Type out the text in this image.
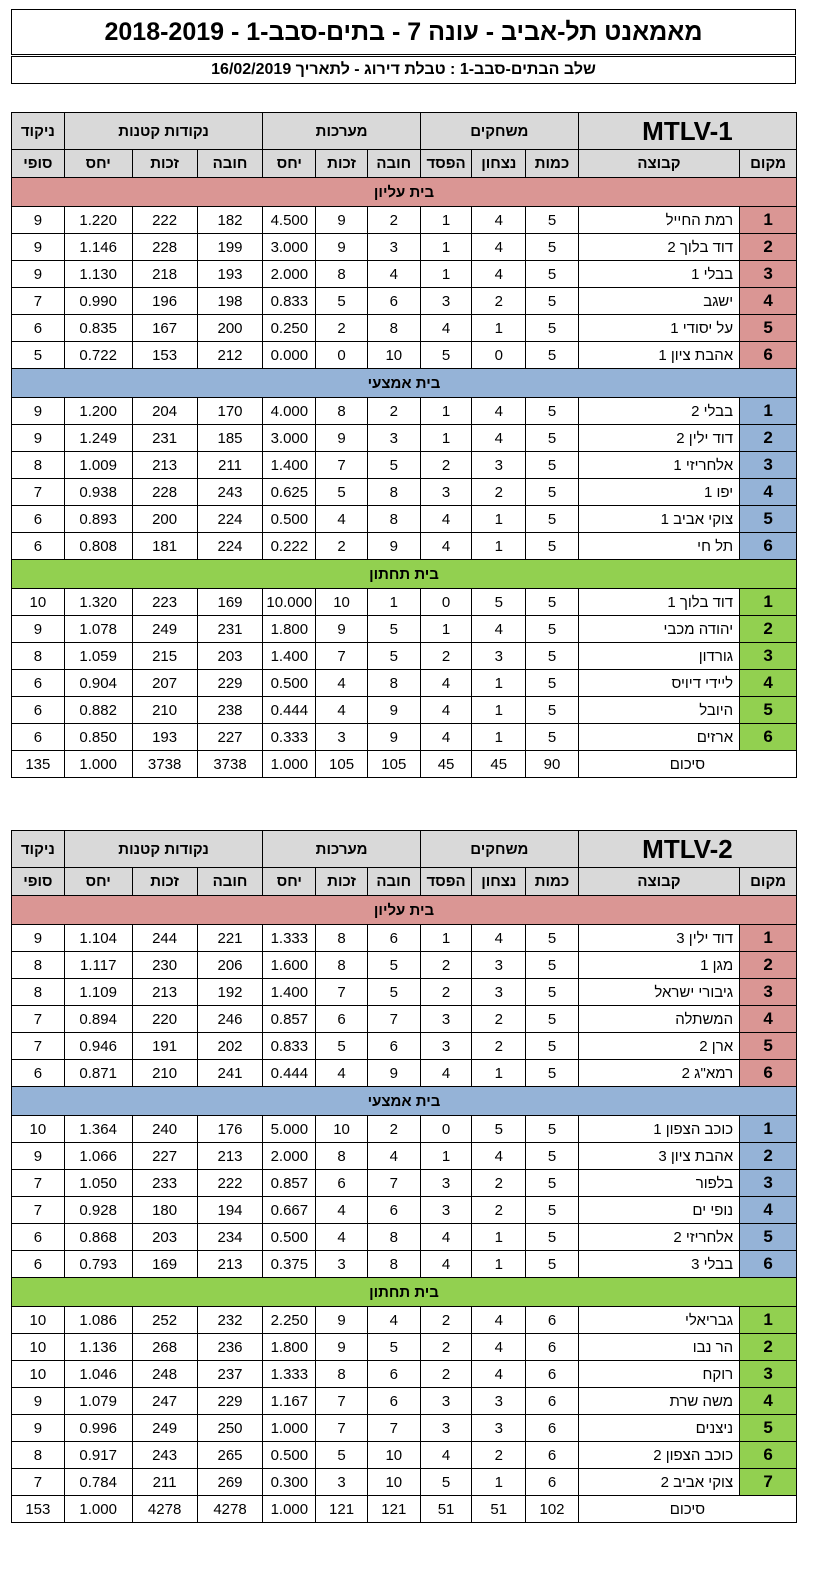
מאמאנט תל-אביב - עונה 7 - בתים-סבב-1 - 2018-2019
שלב הבתים-סבב-1 : טבלת דירוג - לתאריך 16/02/2019
ניקוד	נקודות קטנות			מערכות			משחקים			MTLV-1	
סופי	יחס	זכות	חובה	יחס	זכות	חובה	הפסד	נצחון	כמות	קבוצה	מקום
בית עליון											
9	1.220	222	182	4.500	9	2	1	4	5	רמת החייל	1
9	1.146	228	199	3.000	9	3	1	4	5	דוד בלוך 2	2
9	1.130	218	193	2.000	8	4	1	4	5	בבלי 1	3
7	0.990	196	198	0.833	5	6	3	2	5	ישגב	4
6	0.835	167	200	0.250	2	8	4	1	5	על יסודי 1	5
5	0.722	153	212	0.000	0	10	5	0	5	אהבת ציון 1	6
בית אמצעי											
9	1.200	204	170	4.000	8	2	1	4	5	בבלי 2	1
9	1.249	231	185	3.000	9	3	1	4	5	דוד ילין 2	2
8	1.009	213	211	1.400	7	5	2	3	5	אלחריזי 1	3
7	0.938	228	243	0.625	5	8	3	2	5	יפו 1	4
6	0.893	200	224	0.500	4	8	4	1	5	צוקי אביב 1	5
6	0.808	181	224	0.222	2	9	4	1	5	תל חי	6
בית תחתון											
10	1.320	223	169	10.000	10	1	0	5	5	דוד בלוך 1	1
9	1.078	249	231	1.800	9	5	1	4	5	יהודה מכבי	2
8	1.059	215	203	1.400	7	5	2	3	5	גורדון	3
6	0.904	207	229	0.500	4	8	4	1	5	ליידי דיויס	4
6	0.882	210	238	0.444	4	9	4	1	5	היובל	5
6	0.850	193	227	0.333	3	9	4	1	5	ארזים	6
135	1.000	3738	3738	1.000	105	105	45	45	90	סיכום	
ניקוד	נקודות קטנות			מערכות			משחקים			MTLV-2	
סופי	יחס	זכות	חובה	יחס	זכות	חובה	הפסד	נצחון	כמות	קבוצה	מקום
בית עליון											
9	1.104	244	221	1.333	8	6	1	4	5	דוד ילין 3	1
8	1.117	230	206	1.600	8	5	2	3	5	מגן 1	2
8	1.109	213	192	1.400	7	5	2	3	5	גיבורי ישראל	3
7	0.894	220	246	0.857	6	7	3	2	5	המשתלה	4
7	0.946	191	202	0.833	5	6	3	2	5	ארן 2	5
6	0.871	210	241	0.444	4	9	4	1	5	רמא"ג 2	6
בית אמצעי											
10	1.364	240	176	5.000	10	2	0	5	5	כוכב הצפון 1	1
9	1.066	227	213	2.000	8	4	1	4	5	אהבת ציון 3	2
7	1.050	233	222	0.857	6	7	3	2	5	בלפור	3
7	0.928	180	194	0.667	4	6	3	2	5	נופי ים	4
6	0.868	203	234	0.500	4	8	4	1	5	אלחריזי 2	5
6	0.793	169	213	0.375	3	8	4	1	5	בבלי 3	6
בית תחתון											
10	1.086	252	232	2.250	9	4	2	4	6	גבריאלי	1
10	1.136	268	236	1.800	9	5	2	4	6	הר נבו	2
10	1.046	248	237	1.333	8	6	2	4	6	רוקח	3
9	1.079	247	229	1.167	7	6	3	3	6	משה שרת	4
9	0.996	249	250	1.000	7	7	3	3	6	ניצנים	5
8	0.917	243	265	0.500	5	10	4	2	6	כוכב הצפון 2	6
7	0.784	211	269	0.300	3	10	5	1	6	צוקי אביב 2	7
153	1.000	4278	4278	1.000	121	121	51	51	102	סיכום	
